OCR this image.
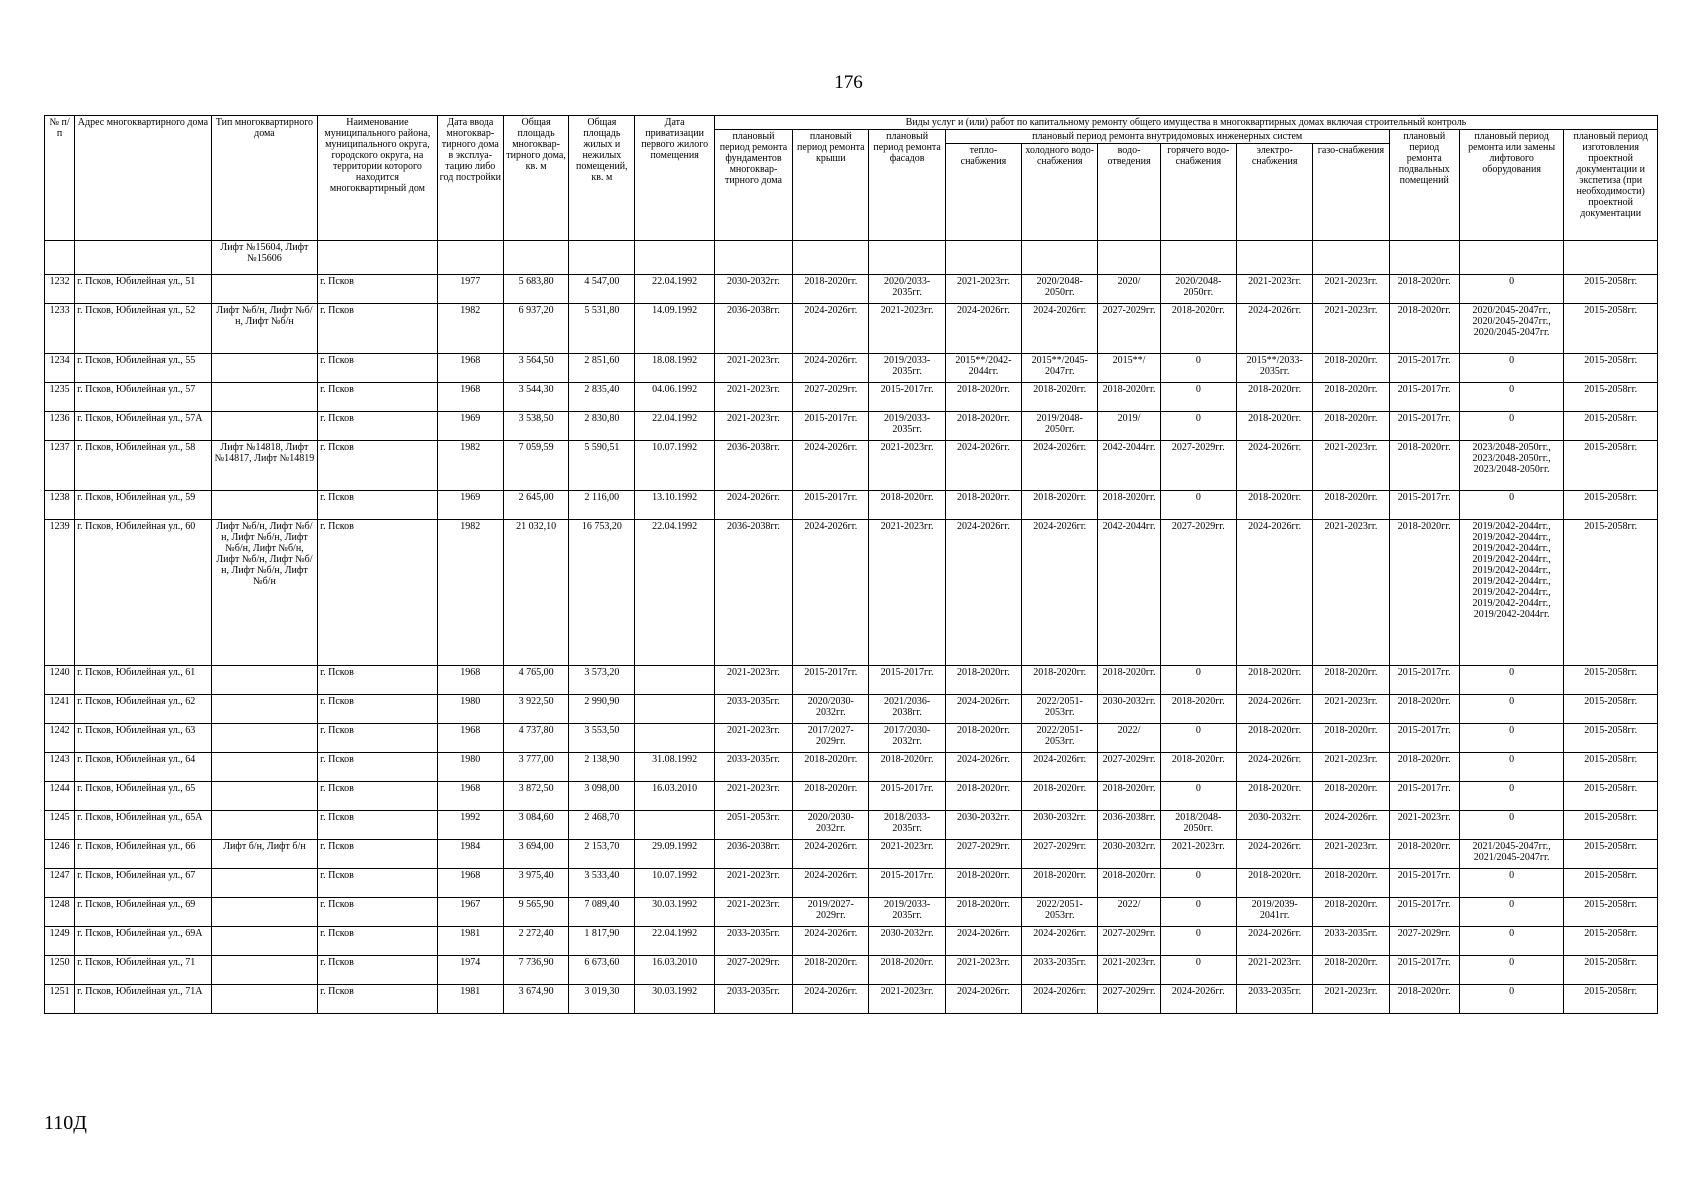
176
№ п/п	Адрес многоквартирного дома	Тип многоквартирного дома	Наименование муниципального района, муниципального округа, городского округа, на территории которого находится многоквартирный дом	Дата ввода многоквар-тирного дома в эксплуа-тацию либо год постройки	Общая площадь многоквар-тирного дома, кв. м	Общая площадь жилых и нежилых помещений, кв. м	Дата приватизации первого жилого помещения	Виды услуг и (или) работ по капитальному ремонту общего имущества в многоквартирных домах включая строительный контроль											
								плановый период ремонта фундаментов многоквар-тирного дома	плановый период ремонта крыши	плановый период ремонта фасадов	плановый период ремонта внутридомовых инженерных систем						плановый период ремонта подвальных помещений	плановый период ремонта или замены лифтового оборудования	плановый период изготовления проектной документации и экспетиза (при необходимости) проектной документации
											тепло-снабжения	холодного водо-снабжения	водо-отведения	горячего водо-снабжения	электро-снабжения	газо-снабжения			
		Лифт №15604, Лифт №15606																	
1232	г. Псков, Юбилейная ул., 51		г. Псков	1977	5 683,80	4 547,00	22.04.1992	2030-2032гг.	2018-2020гг.	2020/2033-2035гг.	2021-2023гг.	2020/2048-2050гг.	2020/	2020/2048-2050гг.	2021-2023гг.	2021-2023гг.	2018-2020гг.	0	2015-2058гг.
1233	г. Псков, Юбилейная ул., 52	Лифт №б/н, Лифт №б/н, Лифт №б/н	г. Псков	1982	6 937,20	5 531,80	14.09.1992	2036-2038гг.	2024-2026гг.	2021-2023гг.	2024-2026гг.	2024-2026гг.	2027-2029гг.	2018-2020гг.	2024-2026гг.	2021-2023гг.	2018-2020гг.	2020/2045-2047гг., 2020/2045-2047гг., 2020/2045-2047гг.	2015-2058гг.
1234	г. Псков, Юбилейная ул., 55		г. Псков	1968	3 564,50	2 851,60	18.08.1992	2021-2023гг.	2024-2026гг.	2019/2033-2035гг.	2015**/2042-2044гг.	2015**/2045-2047гг.	2015**/	0	2015**/2033-2035гг.	2018-2020гг.	2015-2017гг.	0	2015-2058гг.
1235	г. Псков, Юбилейная ул., 57		г. Псков	1968	3 544,30	2 835,40	04.06.1992	2021-2023гг.	2027-2029гг.	2015-2017гг.	2018-2020гг.	2018-2020гг.	2018-2020гг.	0	2018-2020гг.	2018-2020гг.	2015-2017гг.	0	2015-2058гг.
1236	г. Псков, Юбилейная ул., 57А		г. Псков	1969	3 538,50	2 830,80	22.04.1992	2021-2023гг.	2015-2017гг.	2019/2033-2035гг.	2018-2020гг.	2019/2048-2050гг.	2019/	0	2018-2020гг.	2018-2020гг.	2015-2017гг.	0	2015-2058гг.
1237	г. Псков, Юбилейная ул., 58	Лифт №14818, Лифт №14817, Лифт №14819	г. Псков	1982	7 059,59	5 590,51	10.07.1992	2036-2038гг.	2024-2026гг.	2021-2023гг.	2024-2026гг.	2024-2026гг.	2042-2044гг.	2027-2029гг.	2024-2026гг.	2021-2023гг.	2018-2020гг.	2023/2048-2050гг., 2023/2048-2050гг., 2023/2048-2050гг.	2015-2058гг.
1238	г. Псков, Юбилейная ул., 59		г. Псков	1969	2 645,00	2 116,00	13.10.1992	2024-2026гг.	2015-2017гг.	2018-2020гг.	2018-2020гг.	2018-2020гг.	2018-2020гг.	0	2018-2020гг.	2018-2020гг.	2015-2017гг.	0	2015-2058гг.
1239	г. Псков, Юбилейная ул., 60	Лифт №б/н, Лифт №б/н, Лифт №б/н, Лифт №б/н, Лифт №б/н, Лифт №б/н, Лифт №б/н, Лифт №б/н, Лифт №б/н	г. Псков	1982	21 032,10	16 753,20	22.04.1992	2036-2038гг.	2024-2026гг.	2021-2023гг.	2024-2026гг.	2024-2026гг.	2042-2044гг.	2027-2029гг.	2024-2026гг.	2021-2023гг.	2018-2020гг.	2019/2042-2044гг., 2019/2042-2044гг., 2019/2042-2044гг., 2019/2042-2044гг., 2019/2042-2044гг., 2019/2042-2044гг., 2019/2042-2044гг., 2019/2042-2044гг., 2019/2042-2044гг.	2015-2058гг.
1240	г. Псков, Юбилейная ул., 61		г. Псков	1968	4 765,00	3 573,20		2021-2023гг.	2015-2017гг.	2015-2017гг.	2018-2020гг.	2018-2020гг.	2018-2020гг.	0	2018-2020гг.	2018-2020гг.	2015-2017гг.	0	2015-2058гг.
1241	г. Псков, Юбилейная ул., 62		г. Псков	1980	3 922,50	2 990,90		2033-2035гг.	2020/2030-2032гг.	2021/2036-2038гг.	2024-2026гг.	2022/2051-2053гг.	2030-2032гг.	2018-2020гг.	2024-2026гг.	2021-2023гг.	2018-2020гг.	0	2015-2058гг.
1242	г. Псков, Юбилейная ул., 63		г. Псков	1968	4 737,80	3 553,50		2021-2023гг.	2017/2027-2029гг.	2017/2030-2032гг.	2018-2020гг.	2022/2051-2053гг.	2022/	0	2018-2020гг.	2018-2020гг.	2015-2017гг.	0	2015-2058гг.
1243	г. Псков, Юбилейная ул., 64		г. Псков	1980	3 777,00	2 138,90	31.08.1992	2033-2035гг.	2018-2020гг.	2018-2020гг.	2024-2026гг.	2024-2026гг.	2027-2029гг.	2018-2020гг.	2024-2026гг.	2021-2023гг.	2018-2020гг.	0	2015-2058гг.
1244	г. Псков, Юбилейная ул., 65		г. Псков	1968	3 872,50	3 098,00	16.03.2010	2021-2023гг.	2018-2020гг.	2015-2017гг.	2018-2020гг.	2018-2020гг.	2018-2020гг.	0	2018-2020гг.	2018-2020гг.	2015-2017гг.	0	2015-2058гг.
1245	г. Псков, Юбилейная ул., 65А		г. Псков	1992	3 084,60	2 468,70		2051-2053гг.	2020/2030-2032гг.	2018/2033-2035гг.	2030-2032гг.	2030-2032гг.	2036-2038гг.	2018/2048-2050гг.	2030-2032гг.	2024-2026гг.	2021-2023гг.	0	2015-2058гг.
1246	г. Псков, Юбилейная ул., 66	Лифт б/н, Лифт б/н	г. Псков	1984	3 694,00	2 153,70	29.09.1992	2036-2038гг.	2024-2026гг.	2021-2023гг.	2027-2029гг.	2027-2029гг.	2030-2032гг.	2021-2023гг.	2024-2026гг.	2021-2023гг.	2018-2020гг.	2021/2045-2047гг., 2021/2045-2047гг.	2015-2058гг.
1247	г. Псков, Юбилейная ул., 67		г. Псков	1968	3 975,40	3 533,40	10.07.1992	2021-2023гг.	2024-2026гг.	2015-2017гг.	2018-2020гг.	2018-2020гг.	2018-2020гг.	0	2018-2020гг.	2018-2020гг.	2015-2017гг.	0	2015-2058гг.
1248	г. Псков, Юбилейная ул., 69		г. Псков	1967	9 565,90	7 089,40	30.03.1992	2021-2023гг.	2019/2027-2029гг.	2019/2033-2035гг.	2018-2020гг.	2022/2051-2053гг.	2022/	0	2019/2039-2041гг.	2018-2020гг.	2015-2017гг.	0	2015-2058гг.
1249	г. Псков, Юбилейная ул., 69А		г. Псков	1981	2 272,40	1 817,90	22.04.1992	2033-2035гг.	2024-2026гг.	2030-2032гг.	2024-2026гг.	2024-2026гг.	2027-2029гг.	0	2024-2026гг.	2033-2035гг.	2027-2029гг.	0	2015-2058гг.
1250	г. Псков, Юбилейная ул., 71		г. Псков	1974	7 736,90	6 673,60	16.03.2010	2027-2029гг.	2018-2020гг.	2018-2020гг.	2021-2023гг.	2033-2035гг.	2021-2023гг.	0	2021-2023гг.	2018-2020гг.	2015-2017гг.	0	2015-2058гг.
1251	г. Псков, Юбилейная ул., 71А		г. Псков	1981	3 674,90	3 019,30	30.03.1992	2033-2035гг.	2024-2026гг.	2021-2023гг.	2024-2026гг.	2024-2026гг.	2027-2029гг.	2024-2026гг.	2033-2035гг.	2021-2023гг.	2018-2020гг.	0	2015-2058гг.
110Д
